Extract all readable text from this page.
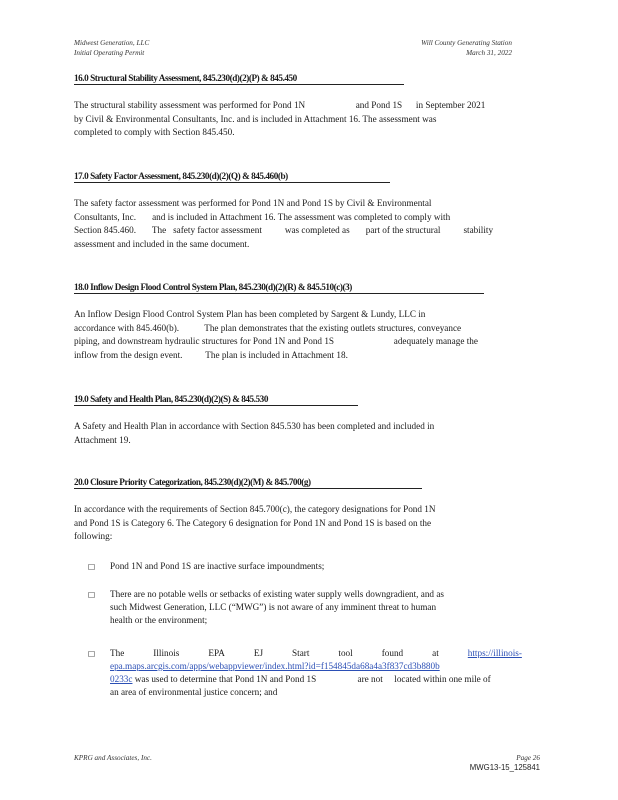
Midwest Generation, LLC
Initial Operating Permit
Will County Generating Station
March 31, 2022
16.0 Structural Stability Assessment, 845.230(d)(2)(P) & 845.450

The structural stability assessment was performed for Pond 1N                      and Pond 1S      in September 2021
by Civil & Environmental Consultants, Inc. and is included in Attachment 16. The assessment was
completed to comply with Section 845.450.

17.0 Safety Factor Assessment, 845.230(d)(2)(Q) & 845.460(b)

The safety factor assessment was performed for Pond 1N and Pond 1S by Civil & Environmental
Consultants, Inc.       and is included in Attachment 16. The assessment was completed to comply with
Section 845.460.       The   safety factor assessment          was completed as       part of the structural          stability
assessment and included in the same document.

18.0 Inflow Design Flood Control System Plan, 845.230(d)(2)(R) & 845.510(c)(3)

An Inflow Design Flood Control System Plan has been completed by Sargent & Lundy, LLC in
accordance with 845.460(b).           The plan demonstrates that the existing outlets structures, conveyance
piping, and downstream hydraulic structures for Pond 1N and Pond 1S                          adequately manage the
inflow from the design event.          The plan is included in Attachment 18.

19.0 Safety and Health Plan, 845.230(d)(2)(S) & 845.530

A Safety and Health Plan in accordance with Section 845.530 has been completed and included in
Attachment 19.

20.0 Closure Priority Categorization, 845.230(d)(2)(M) & 845.700(g)

In accordance with the requirements of Section 845.700(c), the category designations for Pond 1N
and Pond 1S is Category 6. The Category 6 designation for Pond 1N and Pond 1S is based on the
following:

□ Pond 1N and Pond 1S are inactive surface impoundments;
□ There are no potable wells or setbacks of existing water supply wells downgradient, and as
such Midwest Generation, LLC (“MWG”) is not aware of any imminent threat to human
health or the environment;
□ The	Illinois	EPA	EJ	Start	tool	found	at	https://illinois-
epa.maps.arcgis.com/apps/webappviewer/index.html?id=f154845da68a4a3f837cd3b880b
0233c was used to determine that Pond 1N and Pond 1S                  are not     located within one mile of
an area of environmental justice concern; and
KPRG and Associates, Inc.	Page 26
MWG13-15_125841
